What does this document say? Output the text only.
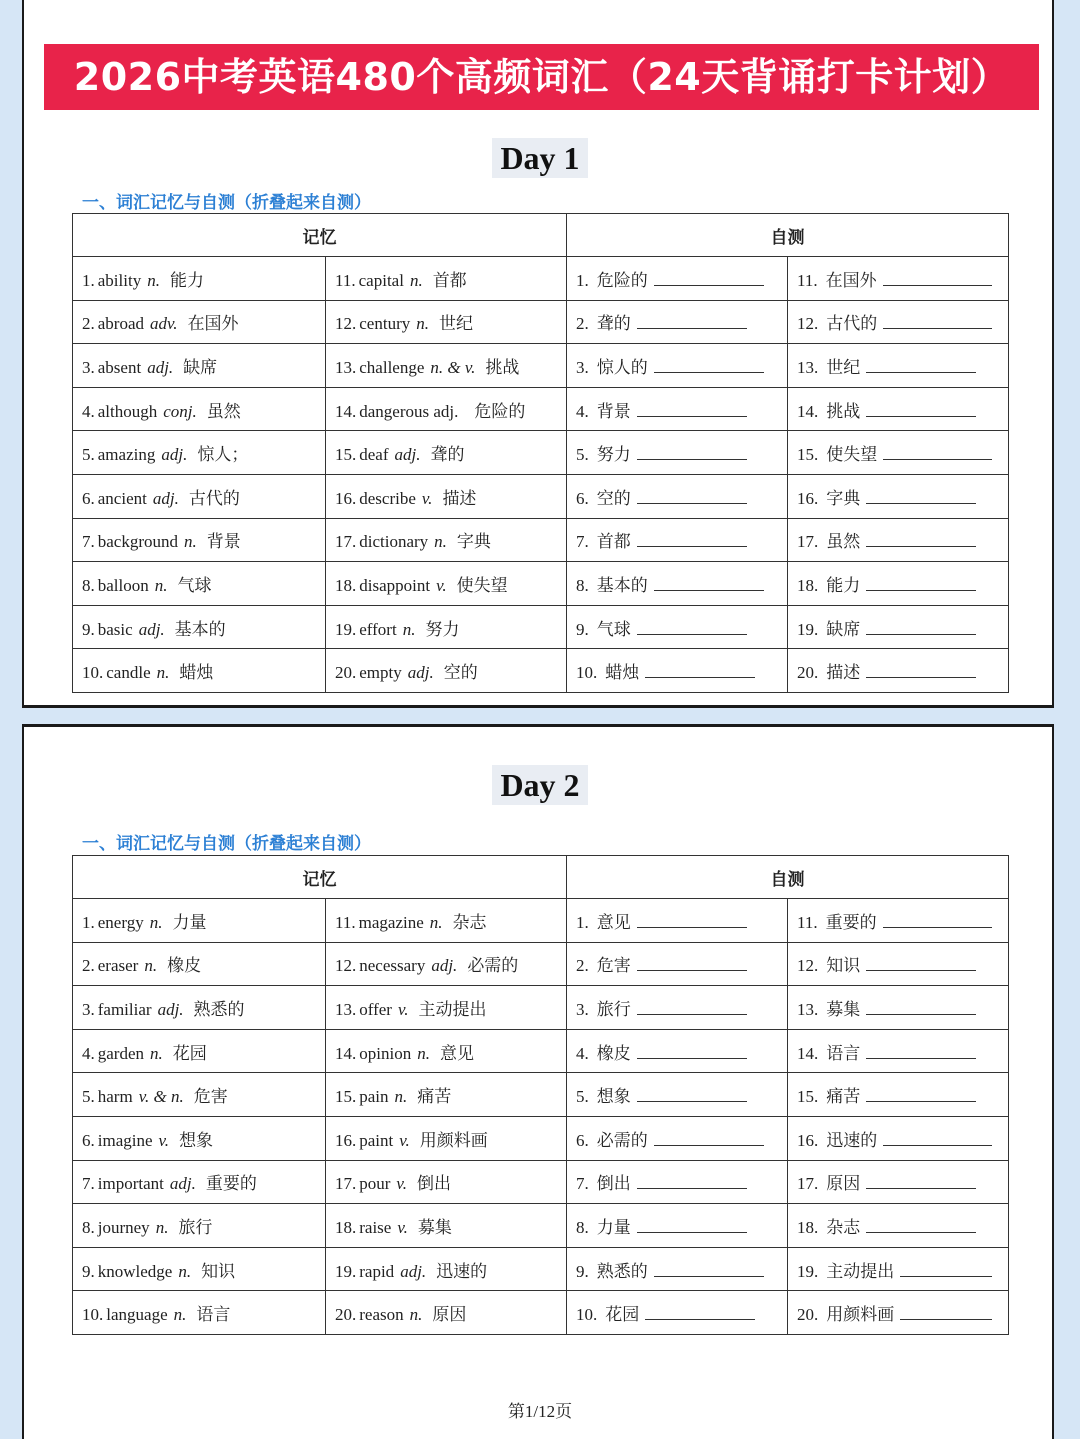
2026中考英语480个高频词汇（24天背诵打卡计划）
Day 1
一、词汇记忆与自测（折叠起来自测）
记忆		自测	
1. ability n. 能力	11. capital n. 首都	1. 危险的	11. 在国外
2. abroad adv. 在国外	12. century n. 世纪	2. 聋的	12. 古代的
3. absent adj. 缺席	13. challenge n. & v. 挑战	3. 惊人的	13. 世纪
4. although conj. 虽然	14. dangerous adj. 危险的	4. 背景	14. 挑战
5. amazing adj. 惊人；	15. deaf adj. 聋的	5. 努力	15. 使失望
6. ancient adj. 古代的	16. describe v. 描述	6. 空的	16. 字典
7. background n. 背景	17. dictionary n. 字典	7. 首都	17. 虽然
8. balloon n. 气球	18. disappoint v. 使失望	8. 基本的	18. 能力
9. basic adj. 基本的	19. effort n. 努力	9. 气球	19. 缺席
10. candle n. 蜡烛	20. empty adj. 空的	10. 蜡烛	20. 描述
Day 2
一、词汇记忆与自测（折叠起来自测）
记忆		自测	
1. energy n. 力量	11. magazine n. 杂志	1. 意见	11. 重要的
2. eraser n. 橡皮	12. necessary adj. 必需的	2. 危害	12. 知识
3. familiar adj. 熟悉的	13. offer v. 主动提出	3. 旅行	13. 募集
4. garden n. 花园	14. opinion n. 意见	4. 橡皮	14. 语言
5. harm v. & n. 危害	15. pain n. 痛苦	5. 想象	15. 痛苦
6. imagine v. 想象	16. paint v. 用颜料画	6. 必需的	16. 迅速的
7. important adj. 重要的	17. pour v. 倒出	7. 倒出	17. 原因
8. journey n. 旅行	18. raise v. 募集	8. 力量	18. 杂志
9. knowledge n. 知识	19. rapid adj. 迅速的	9. 熟悉的	19. 主动提出
10. language n. 语言	20. reason n. 原因	10. 花园	20. 用颜料画
第1/12页
